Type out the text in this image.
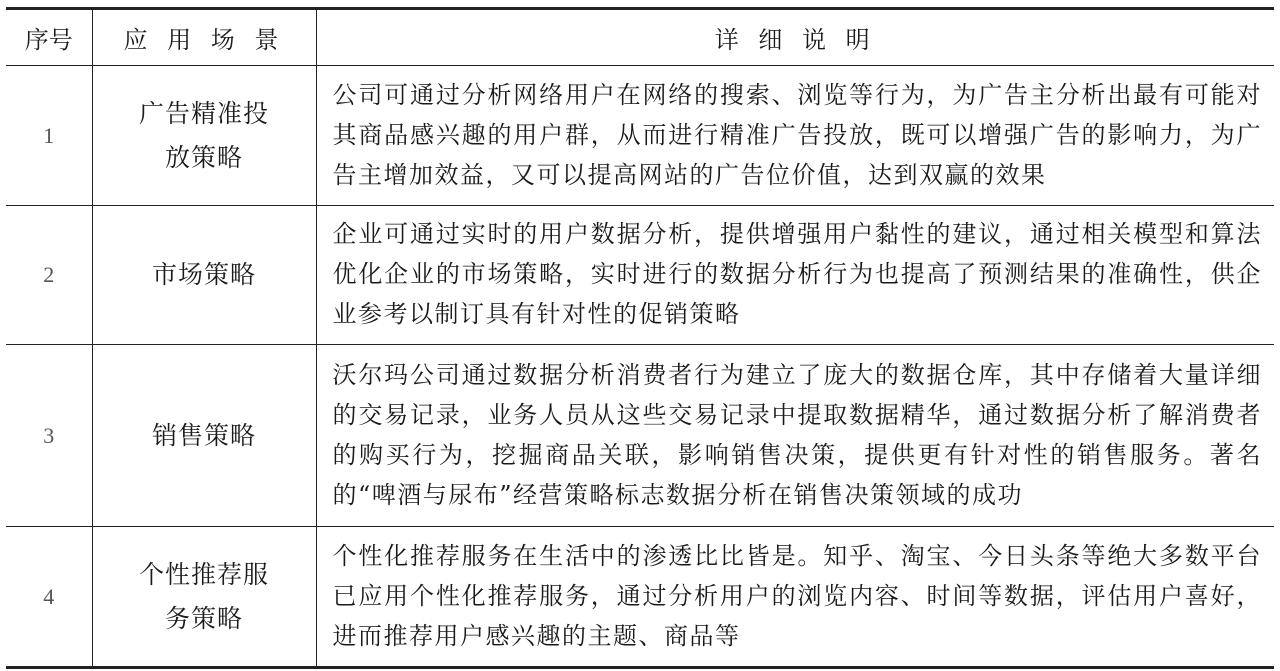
序号	应 用 场 景	详 细 说 明
1	广告精准投放策略	公司可通过分析网络用户在网络的搜索、浏览等行为，为广告主分析出最有可能对其商品感兴趣的用户群，从而进行精准广告投放，既可以增强广告的影响力，为广告主增加效益，又可以提高网站的广告位价值，达到双赢的效果
2	市场策略	企业可通过实时的用户数据分析，提供增强用户黏性的建议，通过相关模型和算法优化企业的市场策略，实时进行的数据分析行为也提高了预测结果的准确性，供企业参考以制订具有针对性的促销策略
3	销售策略	沃尔玛公司通过数据分析消费者行为建立了庞大的数据仓库，其中存储着大量详细的交易记录，业务人员从这些交易记录中提取数据精华，通过数据分析了解消费者的购买行为，挖掘商品关联，影响销售决策，提供更有针对性的销售服务。著名的“啤酒与尿布”经营策略标志数据分析在销售决策领域的成功
4	个性推荐服务策略	个性化推荐服务在生活中的渗透比比皆是。知乎、淘宝、今日头条等绝大多数平台已应用个性化推荐服务，通过分析用户的浏览内容、时间等数据，评估用户喜好，进而推荐用户感兴趣的主题、商品等
